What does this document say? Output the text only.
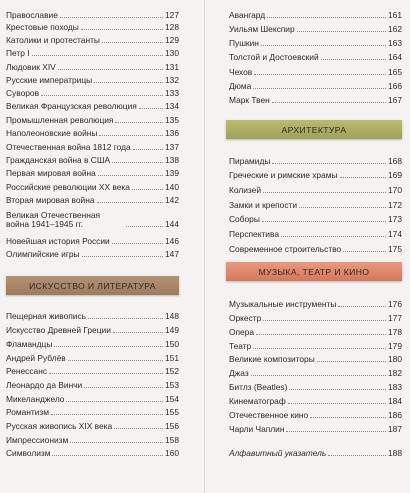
Православие	127
Крестовые походы	128
Католики и протестанты	129
Петр I	130
Людовик XIV	131
Русские императрицы	132
Суворов	133
Великая Французская революция	134
Промышленная революция	135
Наполеоновские войны	136
Отечественная война 1812 года	137
Гражданская война в США	138
Первая мировая война	139
Российские революции XX века	140
Вторая мировая война	142
Великая Отечественная война 1941–1945 гг.	144
Новейшая история России	146
Олимпийские игры	147
ИСКУССТВО И ЛИТЕРАТУРА
Пещерная живопись	148
Искусство Древней Греции	149
Фламандцы	150
Андрей Рублёв	151
Ренессанс	152
Леонардо да Винчи	153
Микеланджело	154
Романтизм	155
Русская живопись XIX века	156
Импрессионизм	158
Символизм	160
Авангард	161
Уильям Шекспир	162
Пушкин	163
Толстой и Достоевский	164
Чехов	165
Дюма	166
Марк Твен	167
АРХИТЕКТУРА
Пирамиды	168
Греческие и римские храмы	169
Колизей	170
Замки и крепости	172
Соборы	173
Перспектива	174
Современное строительство	175
МУЗЫКА, ТЕАТР И КИНО
Музыкальные инструменты	176
Оркестр	177
Опера	178
Театр	179
Великие композиторы	180
Джаз	182
Битлз (Beatles)	183
Кинематограф	184
Отечественное кино	186
Чарли Чаплин	187
Алфавитный указатель	188
